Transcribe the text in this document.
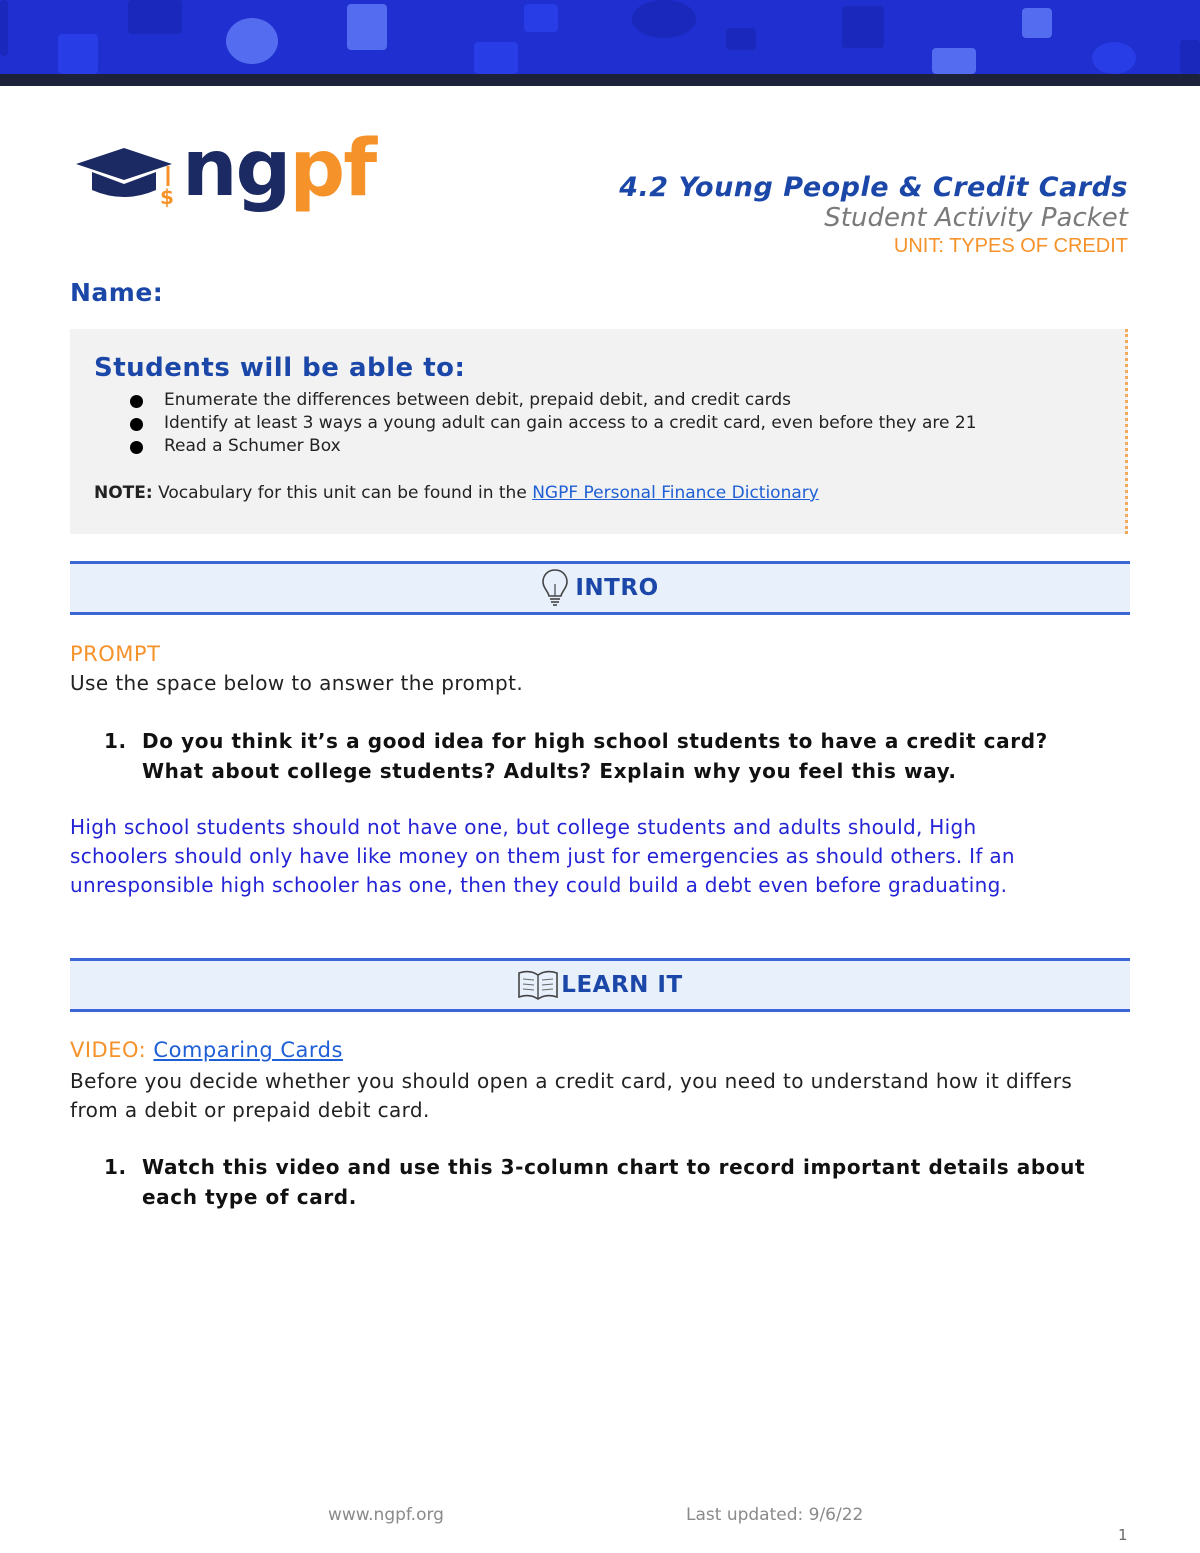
$ ngpf	4.2 Young People & Credit Cards
Student Activity Packet
UNIT: TYPES OF CREDIT
Name:
Students will be able to:
Enumerate the differences between debit, prepaid debit, and credit cards
Identify at least 3 ways a young adult can gain access to a credit card, even before they are 21
Read a Schumer Box
NOTE: Vocabulary for this unit can be found in the NGPF Personal Finance Dictionary
INTRO
PROMPT
Use the space below to answer the prompt.
1. Do you think it’s a good idea for high school students to have a credit card?
What about college students? Adults? Explain why you feel this way.
High school students should not have one, but college students and adults should, High
schoolers should only have like money on them just for emergencies as should others. If an
unresponsible high schooler has one, then they could build a debt even before graduating.
LEARN IT
VIDEO: Comparing Cards
Before you decide whether you should open a credit card, you need to understand how it differs
from a debit or prepaid debit card.
1. Watch this video and use this 3-column chart to record important details about
each type of card.
www.ngpf.org	Last updated: 9/6/22
1
